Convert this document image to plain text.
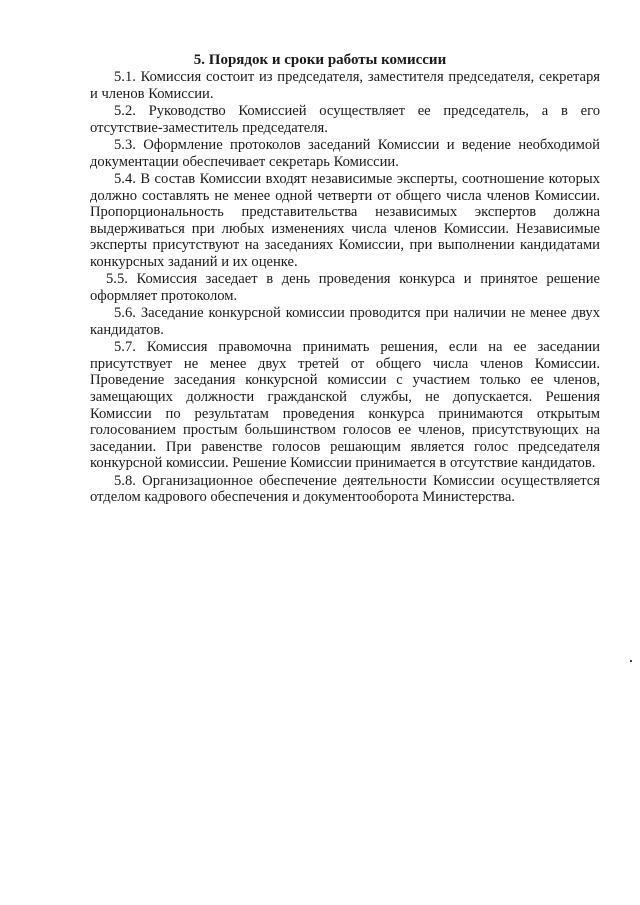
5. Порядок и сроки работы комиссии

5.1. Комиссия состоит из председателя, заместителя председателя, секретаря и членов Комиссии.

5.2. Руководство Комиссией осуществляет ее председатель, а в его отсутствие-заместитель председателя.

5.3. Оформление протоколов заседаний Комиссии и ведение необходимой документации обеспечивает секретарь Комиссии.

5.4. В состав Комиссии входят независимые эксперты, соотношение которых должно составлять не менее одной четверти от общего числа членов Комиссии. Пропорциональность представительства независимых экспертов должна выдерживаться при любых изменениях числа членов Комиссии. Независимые эксперты присутствуют на заседаниях Комиссии, при выполнении кандидатами конкурсных заданий и их оценке.

5.5. Комиссия заседает в день проведения конкурса и принятое решение оформляет протоколом.

5.6. Заседание конкурсной комиссии проводится при наличии не менее двух кандидатов.

5.7. Комиссия правомочна принимать решения, если на ее заседании присутствует не менее двух третей от общего числа членов Комиссии. Проведение заседания конкурсной комиссии с участием только ее членов, замещающих должности гражданской службы, не допускается. Решения Комиссии по результатам проведения конкурса принимаются открытым голосованием простым большинством голосов ее членов, присутствующих на заседании. При равенстве голосов решающим является голос председателя конкурсной комиссии. Решение Комиссии принимается в отсутствие кандидатов.

5.8. Организационное обеспечение деятельности Комиссии осуществляется отделом кадрового обеспечения и документооборота Министерства.
